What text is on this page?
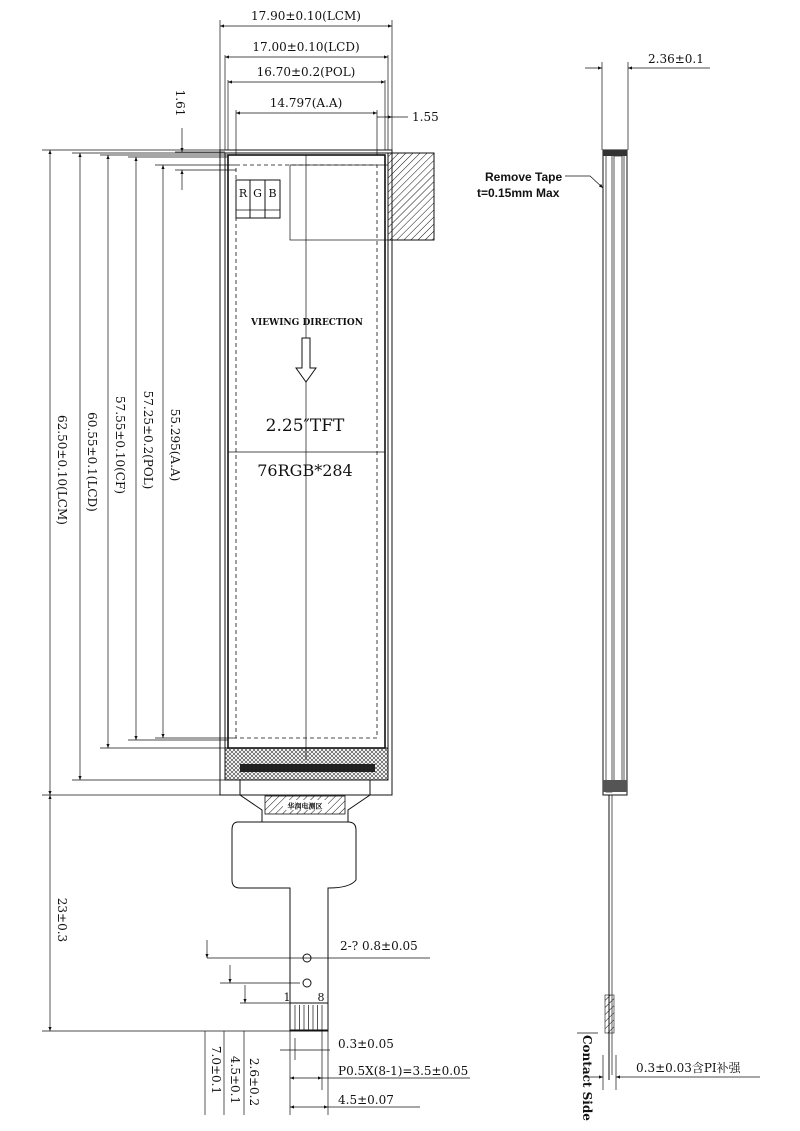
17.90±0.10(LCM)
17.00±0.10(LCD)
16.70±0.2(POL)
14.797(A.A)
1.55
1.61
R G B
VIEWING DIRECTION
2.25″TFT
76RGB*284
62.50±0.10(LCM) 60.55±0.1(LCD) 57.55±0.10(CF) 57.25±0.2(POL) 55.295(A.A)
华润电测区
1 8
23±0.3
2-? 0.8±0.05
7.0±0.1 4.5±0.1 2.6±0.2
0.3±0.05
P0.5X(8-1)=3.5±0.05
4.5±0.07
2.36±0.1
Remove Tape
t=0.15mm Max
Contact Side	0.3±0.03含PI补强
